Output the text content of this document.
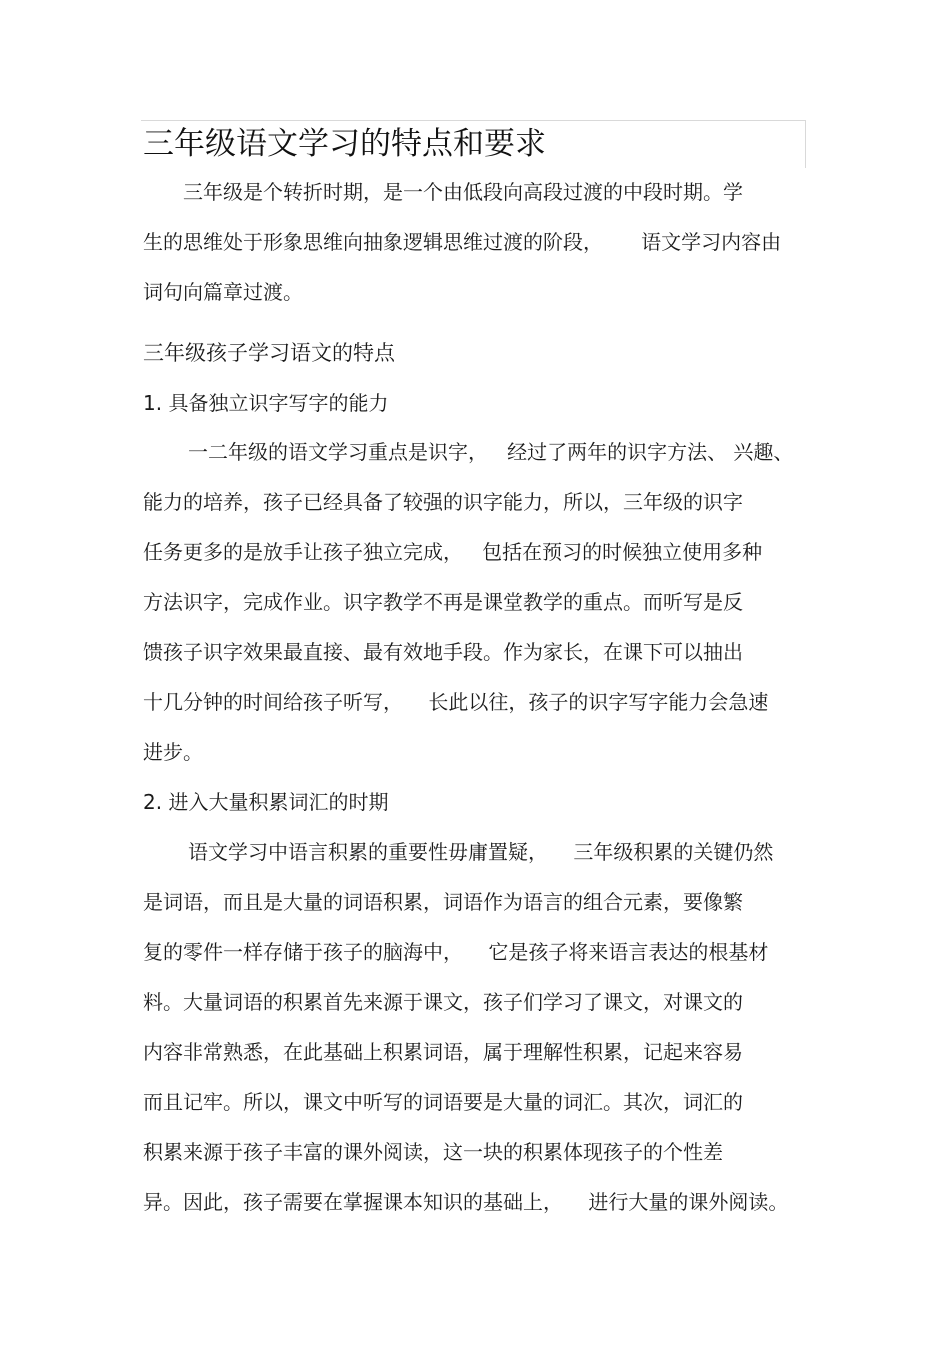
三年级语文学习的特点和要求
三年级是个转折时期，是一个由低段向高段过渡的中段时期。学
生的思维处于形象思维向抽象逻辑思维过渡的阶段，      语文学习内容由
词句向篇章过渡。
三年级孩子学习语文的特点
1. 具备独立识字写字的能力
一二年级的语文学习重点是识字，   经过了两年的识字方法、 兴趣、
能力的培养，孩子已经具备了较强的识字能力，所以，三年级的识字
任务更多的是放手让孩子独立完成，   包括在预习的时候独立使用多种
方法识字，完成作业。识字教学不再是课堂教学的重点。而听写是反
馈孩子识字效果最直接、最有效地手段。作为家长，在课下可以抽出
十几分钟的时间给孩子听写，    长此以往，孩子的识字写字能力会急速
进步。
2. 进入大量积累词汇的时期
语文学习中语言积累的重要性毋庸置疑，    三年级积累的关键仍然
是词语，而且是大量的词语积累，词语作为语言的组合元素，要像繁
复的零件一样存储于孩子的脑海中，    它是孩子将来语言表达的根基材
料。大量词语的积累首先来源于课文，孩子们学习了课文，对课文的
内容非常熟悉，在此基础上积累词语，属于理解性积累，记起来容易
而且记牢。所以，课文中听写的词语要是大量的词汇。其次，词汇的
积累来源于孩子丰富的课外阅读，这一块的积累体现孩子的个性差
异。因此，孩子需要在掌握课本知识的基础上，    进行大量的课外阅读。
